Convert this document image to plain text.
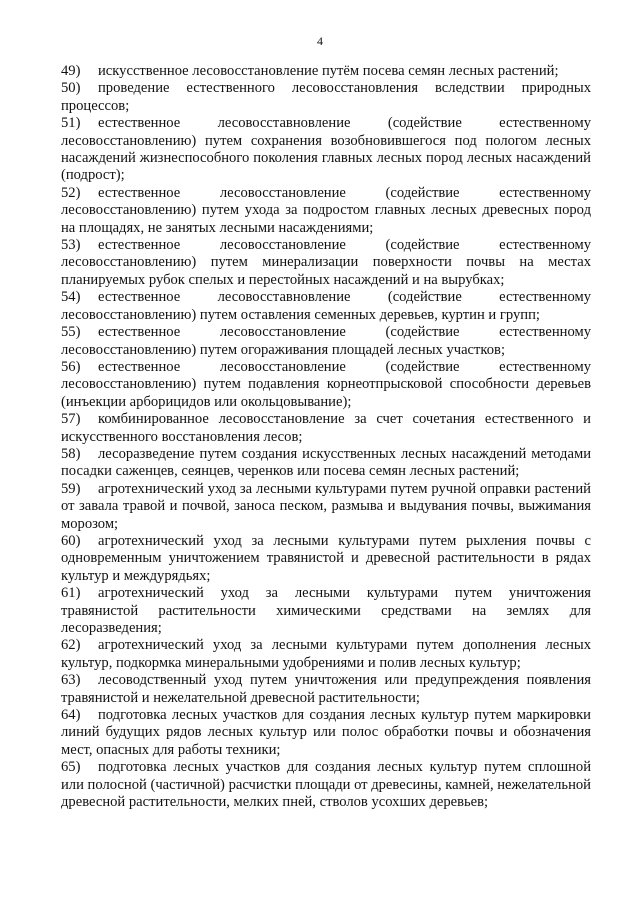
4

49) искусственное лесовосстановление путём посева семян лесных растений;

50) проведение естественного лесовосстановления вследствии природных процессов;

51) естественное лесовосставновление (содействие естественному лесовосстановлению) путем сохранения возобновившегося под пологом лесных насаждений жизнеспособного поколения главных лесных пород лесных насаждений (подрост);

52) естественное лесовосстановление (содействие естественному лесовосстановлению) путем ухода за подростом главных лесных древесных пород на площадях, не занятых лесными насаждениями;

53) естественное лесовосстановление (содействие естественному лесовосстановлению) путем минерализации поверхности почвы на местах планируемых рубок спелых и перестойных насаждений и на вырубках;

54) естественное лесовосставновление (содействие естественному лесовосстановлению) путем оставления семенных деревьев, куртин и групп;

55) естественное лесовосстановление (содействие естественному лесовосстановлению) путем огораживания площадей лесных участков;

56) естественное лесовосстановление (содействие естественному лесовосстановлению) путем подавления корнеотпрысковой способности деревьев (инъекции арборицидов или окольцовывание);

57) комбинированное лесовосстановление за счет сочетания естественного и искусственного восстановления лесов;

58) лесоразведение путем создания искусственных лесных насаждений методами посадки саженцев, сеянцев, черенков или посева семян лесных растений;

59) агротехнический уход за лесными культурами путем ручной оправки растений от завала травой и почвой, заноса песком, размыва и выдувания почвы, выжимания морозом;

60) агротехнический уход за лесными культурами путем рыхления почвы с одновременным уничтожением травянистой и древесной растительности в рядах культур и междурядьях;

61) агротехнический уход за лесными культурами путем уничтожения травянистой растительности химическими средствами на землях для лесоразведения;

62) агротехнический уход за лесными культурами путем дополнения лесных культур, подкормка минеральными удобрениями и полив лесных культур;

63) лесоводственный уход путем уничтожения или предупреждения появления травянистой и нежелательной древесной растительности;

64) подготовка лесных участков для создания лесных культур путем маркировки линий будущих рядов лесных культур или полос обработки почвы и обозначения мест, опасных для работы техники;

65) подготовка лесных участков для создания лесных культур путем сплошной или полосной (частичной) расчистки площади от древесины, камней, нежелательной древесной растительности, мелких пней, стволов усохших деревьев;
